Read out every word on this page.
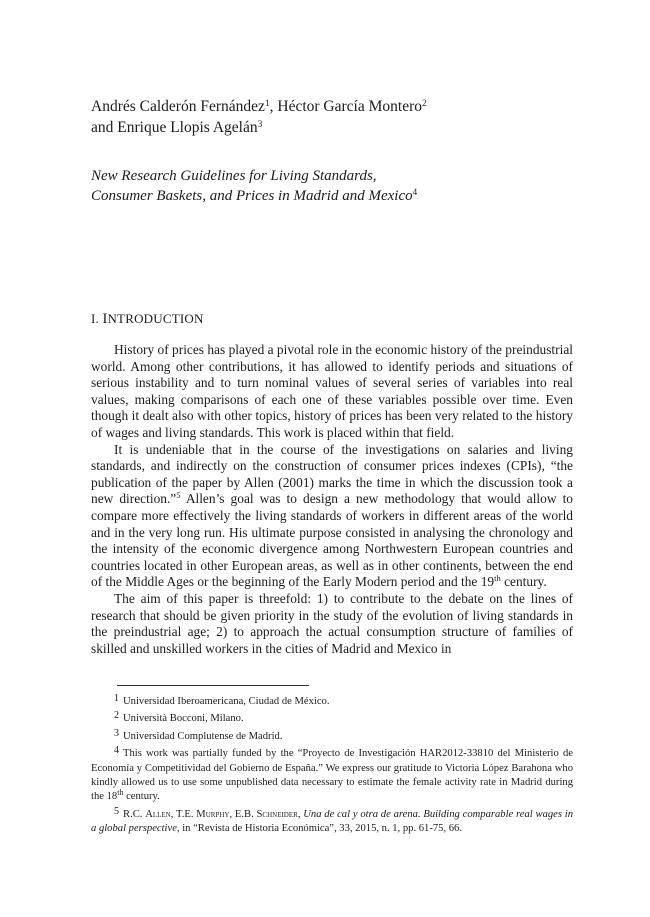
Andrés Calderón Fernández$^1$, Héctor García Montero$^2$
and Enrique Llopis Agelán$^3$
New Research Guidelines for Living Standards,
Consumer Baskets, and Prices in Madrid and Mexico$^4$
I. INTRODUCTION

History of prices has played a pivotal role in the economic history of the preindustrial world. Among other contributions, it has allowed to identify periods and situations of serious instability and to turn nominal values of several series of variables into real values, making comparisons of each one of these variables possible over time. Even though it dealt also with other topics, history of prices has been very related to the history of wages and living standards. This work is placed within that field.

It is undeniable that in the course of the investigations on salaries and living standards, and indirectly on the construction of consumer prices indexes (CPIs), “the publication of the paper by Allen (2001) marks the time in which the discussion took a new direction.”$^5$ Allen’s goal was to design a new methodology that would allow to compare more effectively the living standards of workers in different areas of the world and in the very long run. His ultimate purpose consisted in analysing the chronology and the intensity of the economic divergence among Northwestern European countries and countries located in other European areas, as well as in other continents, between the end of the Middle Ages or the beginning of the Early Modern period and the 19th century.

The aim of this paper is threefold: 1) to contribute to the debate on the lines of research that should be given priority in the study of the evolution of living standards in the preindustrial age; 2) to approach the actual consumption structure of families of skilled and unskilled workers in the cities of Madrid and Mexico in

1 Universidad Iberoamericana, Ciudad de México.

2 Università Bocconi, Milano.

3 Universidad Complutense de Madrid.

4 This work was partially funded by the “Proyecto de Investigación HAR2012-33810 del Ministerio de Economía y Competitividad del Gobierno de España.” We express our gratitude to Victoria López Barahona who kindly allowed us to use some unpublished data necessary to estimate the female activity rate in Madrid during the 18th century.

5 R.C. Allen, T.E. Murphy, E.B. Schneider, Una de cal y otra de arena. Building comparable real wages in a global perspective, in “Revista de Historia Económica”, 33, 2015, n. 1, pp. 61-75, 66.
